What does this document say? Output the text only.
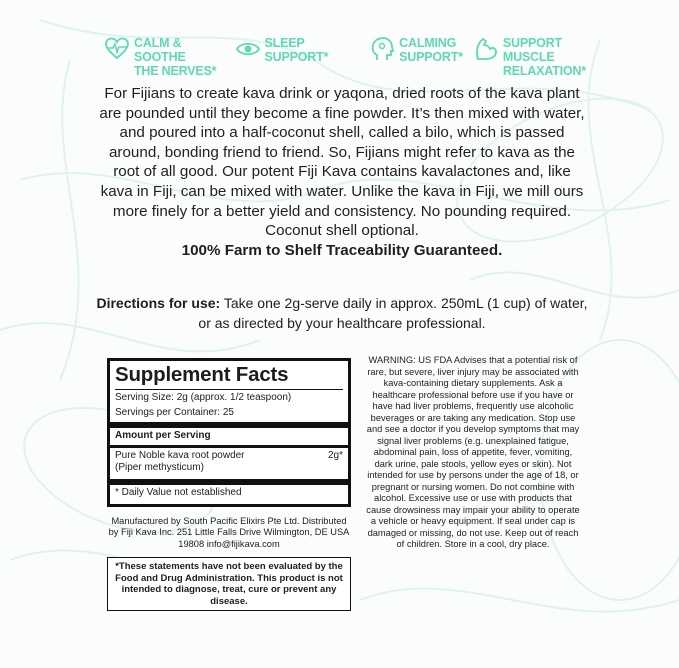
CALM & SOOTHE
THE NERVES*
SLEEP SUPPORT*
CALMING
SUPPORT*
SUPPORT MUSCLE
RELAXATION*

For Fijians to create kava drink or yaqona, dried roots of the kava plant are pounded until they become a fine powder. It’s then mixed with water, and poured into a half-coconut shell, called a bilo, which is passed around, bonding friend to friend. So, Fijians might refer to kava as the root of all good. Our potent Fiji Kava contains kavalactones and, like kava in Fiji, can be mixed with water. Unlike the kava in Fiji, we mill ours more finely for a better yield and consistency. No pounding required. Coconut shell optional.

100% Farm to Shelf Traceability Guaranteed.

Directions for use: Take one 2g-serve daily in approx. 250mL (1 cup) of water, or as directed by your healthcare professional.
Supplement Facts
Serving Size: 2g (approx. 1/2 teaspoon)
Servings per Container: 25
Amount per Serving
Pure Noble kava root powder
(Piper methysticum)
2g*
* Daily Value not established
Manufactured by South Pacific Elixirs Pte Ltd. Distributed by Fiji Kava Inc. 251 Little Falls Drive Wilmington, DE USA 19808 info@fijikava.com
*These statements have not been evaluated by the Food and Drug Administration. This product is not intended to diagnose, treat, cure or prevent any disease.
WARNING: US FDA Advises that a potential risk of rare, but severe, liver injury may be associated with kava-containing dietary supplements. Ask a healthcare professional before use if you have or have had liver problems, frequently use alcoholic beverages or are taking any medication. Stop use and see a doctor if you develop symptoms that may signal liver problems (e.g. unexplained fatigue, abdominal pain, loss of appetite, fever, vomiting, dark urine, pale stools, yellow eyes or skin). Not intended for use by persons under the age of 18, or pregnant or nursing women. Do not combine with alcohol. Excessive use or use with products that cause drowsiness may impair your ability to operate a vehicle or heavy equipment. If seal under cap is damaged or missing, do not use. Keep out of reach of children. Store in a cool, dry place.
